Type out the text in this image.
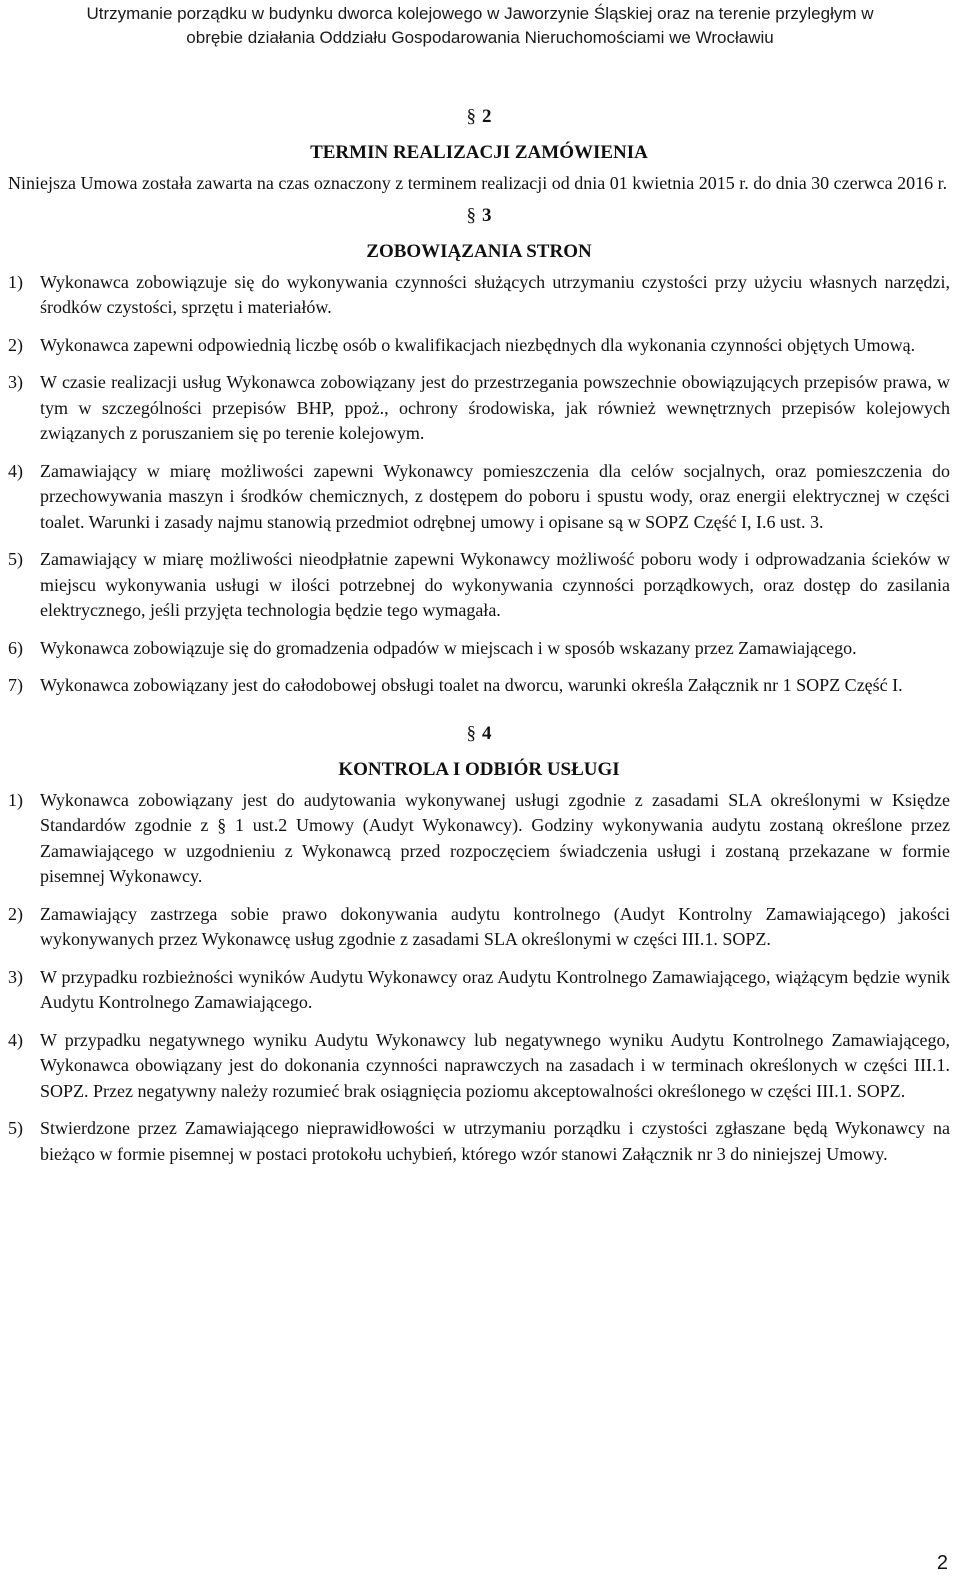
Utrzymanie porządku w budynku dworca kolejowego w Jaworzynie Śląskiej oraz na terenie przyległym w
obrębie działania Oddziału Gospodarowania Nieruchomościami we Wrocławiu

§ 2

TERMIN REALIZACJI ZAMÓWIENIA

Niniejsza Umowa została zawarta na czas oznaczony z terminem realizacji od dnia 01 kwietnia 2015 r. do dnia 30 czerwca 2016 r.

§ 3

ZOBOWIĄZANIA STRON
1) Wykonawca zobowiązuje się do wykonywania czynności służących utrzymaniu czystości przy użyciu własnych narzędzi, środków czystości, sprzętu i materiałów.
2) Wykonawca zapewni odpowiednią liczbę osób o kwalifikacjach niezbędnych dla wykonania czynności objętych Umową.
3) W czasie realizacji usług Wykonawca zobowiązany jest do przestrzegania powszechnie obowiązujących przepisów prawa, w tym w szczególności przepisów BHP, ppoż., ochrony środowiska, jak również wewnętrznych przepisów kolejowych związanych z poruszaniem się po terenie kolejowym.
4) Zamawiający w miarę możliwości zapewni Wykonawcy pomieszczenia dla celów socjalnych, oraz pomieszczenia do przechowywania maszyn i środków chemicznych, z dostępem do poboru i spustu wody, oraz energii elektrycznej w części toalet. Warunki i zasady najmu stanowią przedmiot odrębnej umowy i opisane są w SOPZ Część I, I.6 ust. 3.
5) Zamawiający w miarę możliwości nieodpłatnie zapewni Wykonawcy możliwość poboru wody i odprowadzania ścieków w miejscu wykonywania usługi w ilości potrzebnej do wykonywania czynności porządkowych, oraz dostęp do zasilania elektrycznego, jeśli przyjęta technologia będzie tego wymagała.
6) Wykonawca zobowiązuje się do gromadzenia odpadów w miejscach i w sposób wskazany przez Zamawiającego.
7) Wykonawca zobowiązany jest do całodobowej obsługi toalet na dworcu, warunki określa Załącznik nr 1 SOPZ Część I.

§ 4

KONTROLA I ODBIÓR USŁUGI
1) Wykonawca zobowiązany jest do audytowania wykonywanej usługi zgodnie z zasadami SLA określonymi w Księdze Standardów zgodnie z § 1 ust.2 Umowy (Audyt Wykonawcy). Godziny wykonywania audytu zostaną określone przez Zamawiającego w uzgodnieniu z Wykonawcą przed rozpoczęciem świadczenia usługi i zostaną przekazane w formie pisemnej Wykonawcy.
2) Zamawiający zastrzega sobie prawo dokonywania audytu kontrolnego (Audyt Kontrolny Zamawiającego) jakości wykonywanych przez Wykonawcę usług zgodnie z zasadami SLA określonymi w części III.1. SOPZ.
3) W przypadku rozbieżności wyników Audytu Wykonawcy oraz Audytu Kontrolnego Zamawiającego, wiążącym będzie wynik Audytu Kontrolnego Zamawiającego.
4) W przypadku negatywnego wyniku Audytu Wykonawcy lub negatywnego wyniku Audytu Kontrolnego Zamawiającego, Wykonawca obowiązany jest do dokonania czynności naprawczych na zasadach i w terminach określonych w części III.1. SOPZ. Przez negatywny należy rozumieć brak osiągnięcia poziomu akceptowalności określonego w części III.1. SOPZ.
5) Stwierdzone przez Zamawiającego nieprawidłowości w utrzymaniu porządku i czystości zgłaszane będą Wykonawcy na bieżąco w formie pisemnej w postaci protokołu uchybień, którego wzór stanowi Załącznik nr 3 do niniejszej Umowy.
2
